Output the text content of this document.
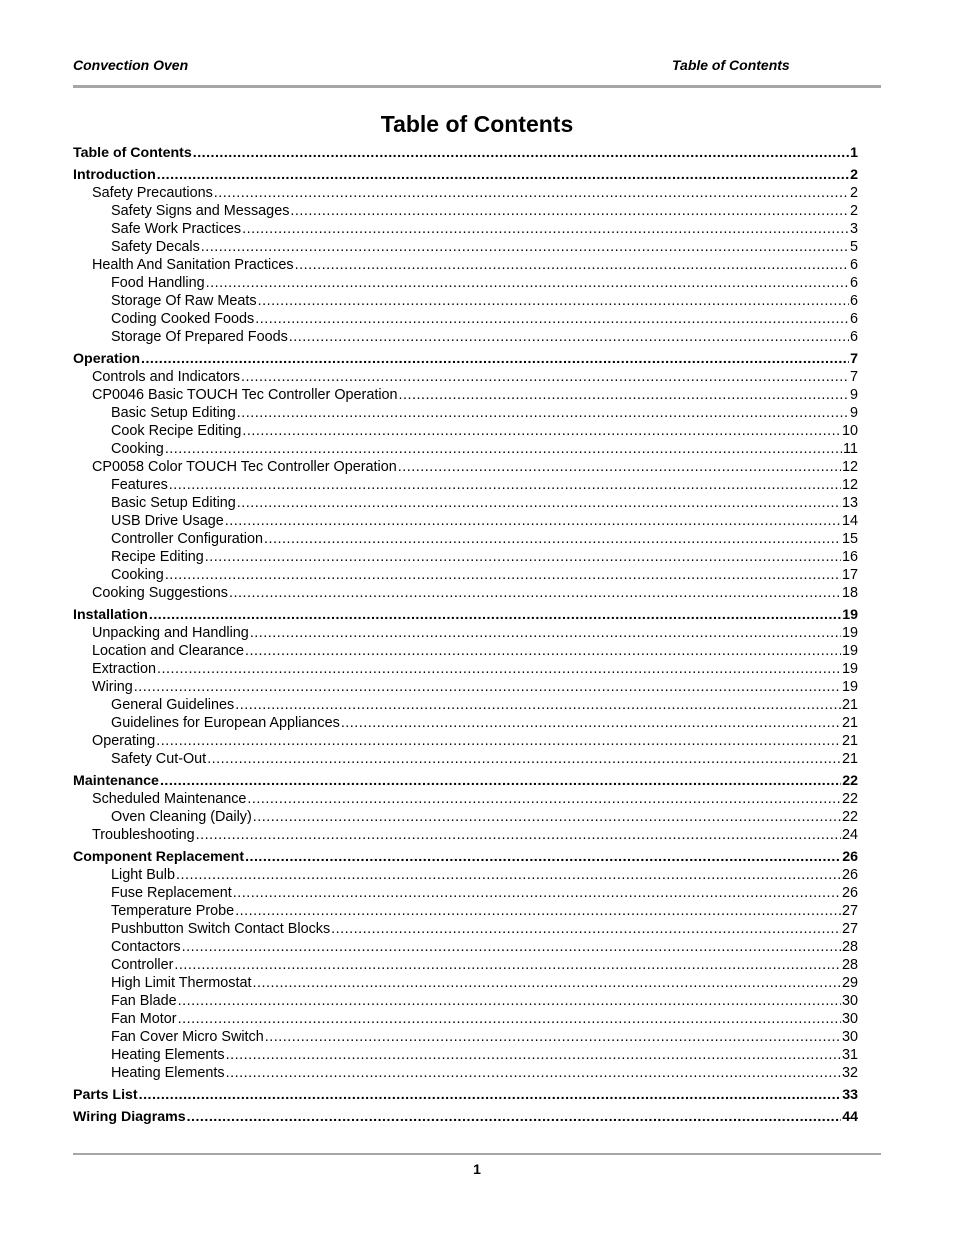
Convection Oven	Table of Contents
Table of Contents
Table of Contents .....	1
Introduction .....	2
Safety Precautions .....	2
Safety Signs and Messages .....	2
Safe Work Practices .....	3
Safety Decals .....	5
Health And Sanitation Practices .....	6
Food Handling .....	6
Storage Of Raw Meats .....	6
Coding Cooked Foods .....	6
Storage Of Prepared Foods .....	6
Operation .....	7
Controls and Indicators .....	7
CP0046 Basic TOUCH Tec Controller Operation .....	9
Basic Setup Editing .....	9
Cook Recipe Editing .....	10
Cooking .....	11
CP0058 Color TOUCH Tec Controller Operation .....	12
Features .....	12
Basic Setup Editing .....	13
USB Drive Usage .....	14
Controller Configuration .....	15
Recipe Editing .....	16
Cooking .....	17
Cooking Suggestions .....	18
Installation .....	19
Unpacking and Handling .....	19
Location and Clearance .....	19
Extraction .....	19
Wiring .....	19
General Guidelines .....	21
Guidelines for European Appliances .....	21
Operating .....	21
Safety Cut-Out .....	21
Maintenance .....	22
Scheduled Maintenance .....	22
Oven Cleaning (Daily) .....	22
Troubleshooting .....	24
Component Replacement .....	26
Light Bulb .....	26
Fuse Replacement .....	26
Temperature Probe .....	27
Pushbutton Switch Contact Blocks .....	27
Contactors .....	28
Controller .....	28
High Limit Thermostat .....	29
Fan Blade .....	30
Fan Motor .....	30
Fan Cover Micro Switch .....	30
Heating Elements .....	31
Heating Elements .....	32
Parts List .....	33
Wiring Diagrams .....	44
1
